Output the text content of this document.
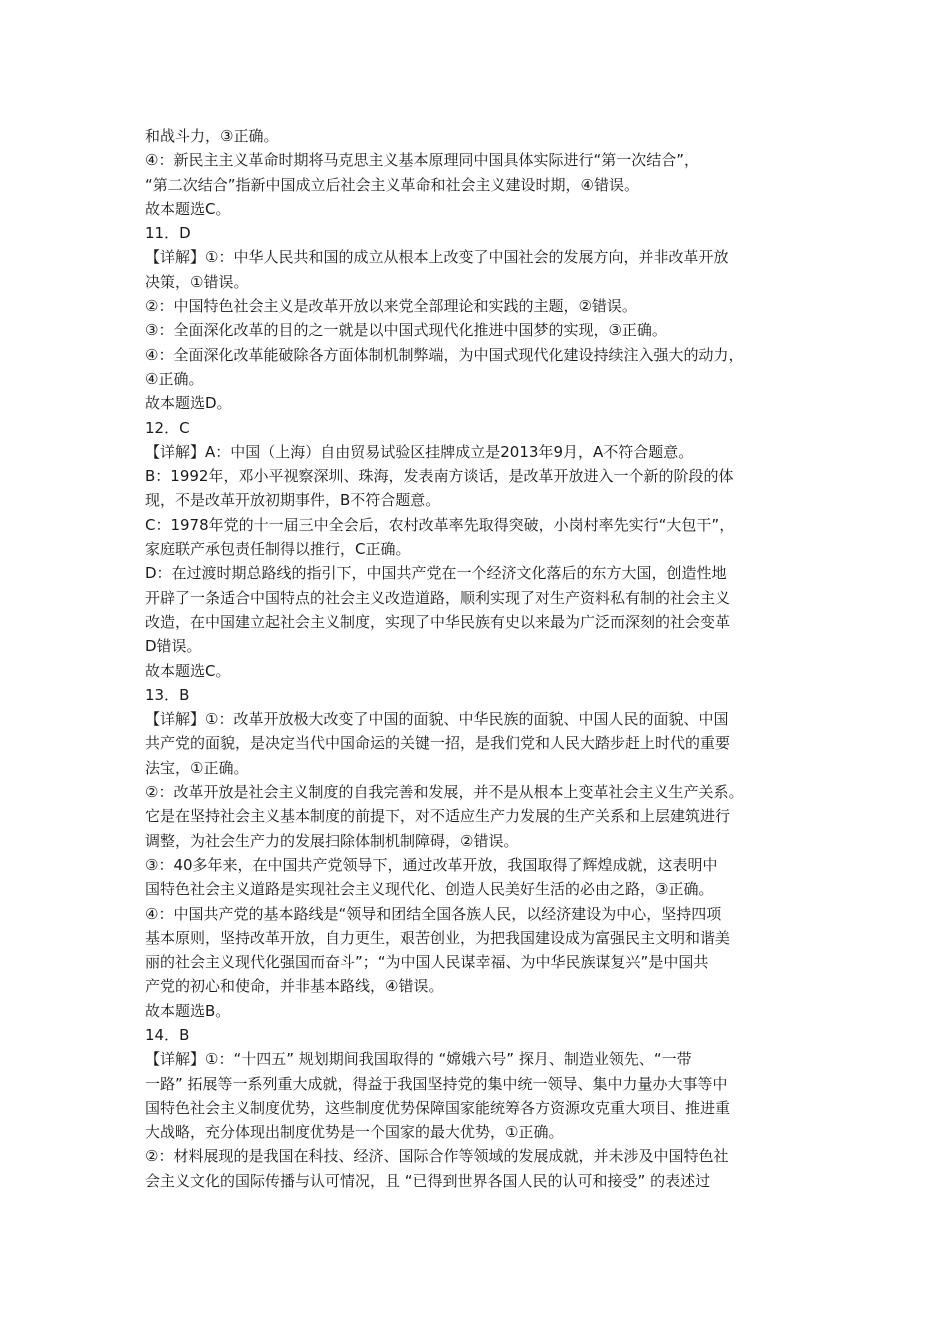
和战斗力，③正确。
④：新民主主义革命时期将马克思主义基本原理同中国具体实际进行“第一次结合”，
“第二次结合”指新中国成立后社会主义革命和社会主义建设时期，④错误。
故本题选C。
11．D
【详解】①：中华人民共和国的成立从根本上改变了中国社会的发展方向，并非改革开放
决策，①错误。
②：中国特色社会主义是改革开放以来党全部理论和实践的主题，②错误。
③：全面深化改革的目的之一就是以中国式现代化推进中国梦的实现，③正确。
④：全面深化改革能破除各方面体制机制弊端，为中国式现代化建设持续注入强大的动力，
④正确。
故本题选D。
12．C
【详解】A：中国（上海）自由贸易试验区挂牌成立是2013年9月，A不符合题意。
B：1992年，邓小平视察深圳、珠海，发表南方谈话，是改革开放进入一个新的阶段的体
现，不是改革开放初期事件，B不符合题意。
C：1978年党的十一届三中全会后，农村改革率先取得突破，小岗村率先实行“大包干”，
家庭联产承包责任制得以推行，C正确。
D：在过渡时期总路线的指引下，中国共产党在一个经济文化落后的东方大国，创造性地
开辟了一条适合中国特点的社会主义改造道路，顺利实现了对生产资料私有制的社会主义
改造，在中国建立起社会主义制度，实现了中华民族有史以来最为广泛而深刻的社会变革
D错误。
故本题选C。
13．B
【详解】①：改革开放极大改变了中国的面貌、中华民族的面貌、中国人民的面貌、中国
共产党的面貌，是决定当代中国命运的关键一招，是我们党和人民大踏步赶上时代的重要
法宝，①正确。
②：改革开放是社会主义制度的自我完善和发展，并不是从根本上变革社会主义生产关系。
它是在坚持社会主义基本制度的前提下，对不适应生产力发展的生产关系和上层建筑进行
调整，为社会生产力的发展扫除体制机制障碍，②错误。
③：40多年来，在中国共产党领导下，通过改革开放，我国取得了辉煌成就，这表明中
国特色社会主义道路是实现社会主义现代化、创造人民美好生活的必由之路，③正确。
④：中国共产党的基本路线是“领导和团结全国各族人民，以经济建设为中心，坚持四项
基本原则，坚持改革开放，自力更生，艰苦创业，为把我国建设成为富强民主文明和谐美
丽的社会主义现代化强国而奋斗”；“为中国人民谋幸福、为中华民族谋复兴”是中国共
产党的初心和使命，并非基本路线，④错误。
故本题选B。
14．B
【详解】①：“十四五” 规划期间我国取得的 “嫦娥六号” 探月、制造业领先、“一带
一路” 拓展等一系列重大成就，得益于我国坚持党的集中统一领导、集中力量办大事等中
国特色社会主义制度优势，这些制度优势保障国家能统筹各方资源攻克重大项目、推进重
大战略，充分体现出制度优势是一个国家的最大优势，①正确。
②：材料展现的是我国在科技、经济、国际合作等领域的发展成就，并未涉及中国特色社
会主义文化的国际传播与认可情况，且 “已得到世界各国人民的认可和接受” 的表述过
